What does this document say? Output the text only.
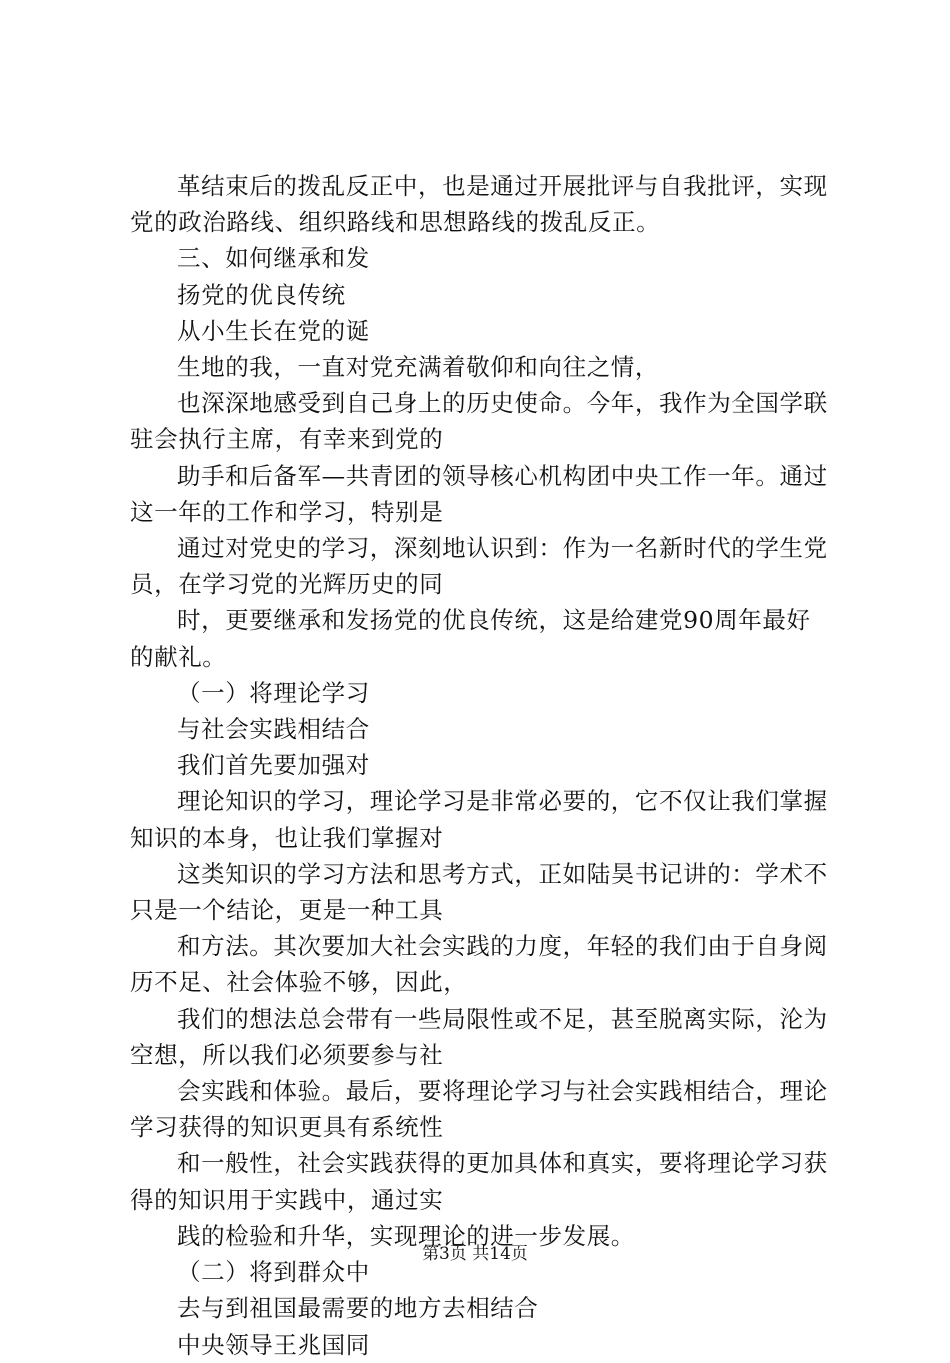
革结束后的拨乱反正中，也是通过开展批评与自我批评，实现党的政治路线、组织路线和思想路线的拨乱反正。

三、如何继承和发

扬党的优良传统

从小生长在党的诞

生地的我，一直对党充满着敬仰和向往之情，

也深深地感受到自己身上的历史使命。今年，我作为全国学联驻会执行主席，有幸来到党的

助手和后备军—共青团的领导核心机构团中央工作一年。通过这一年的工作和学习，特别是

通过对党史的学习，深刻地认识到：作为一名新时代的学生党员，在学习党的光辉历史的同

时，更要继承和发扬党的优良传统，这是给建党90周年最好的献礼。

（一）将理论学习

与社会实践相结合

我们首先要加强对

理论知识的学习，理论学习是非常必要的，它不仅让我们掌握知识的本身，也让我们掌握对

这类知识的学习方法和思考方式，正如陆昊书记讲的：学术不只是一个结论，更是一种工具

和方法。其次要加大社会实践的力度，年轻的我们由于自身阅历不足、社会体验不够，因此，

我们的想法总会带有一些局限性或不足，甚至脱离实际，沦为空想，所以我们必须要参与社

会实践和体验。最后，要将理论学习与社会实践相结合，理论学习获得的知识更具有系统性

和一般性，社会实践获得的更加具体和真实，要将理论学习获得的知识用于实践中，通过实

践的检验和升华，实现理论的进一步发展。

（二）将到群众中

去与到祖国最需要的地方去相结合

中央领导王兆国同

第3页 共14页
